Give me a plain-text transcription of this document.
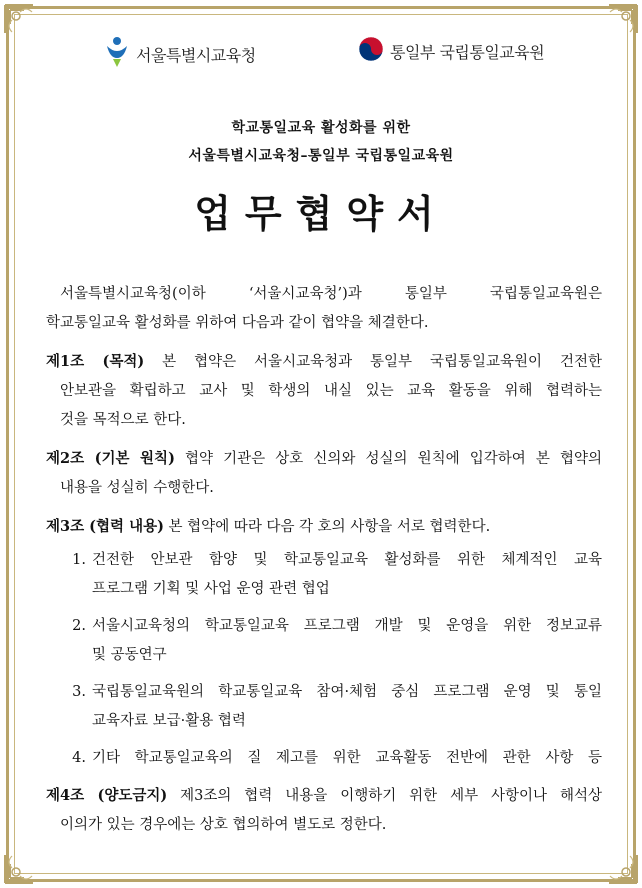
서울특별시교육청	통일부 국립통일교육원
학교통일교육 활성화를 위한
서울특별시교육청–통일부 국립통일교육원
업무협약서

서울특별시교육청(이하 ‘서울시교육청’)과 통일부 국립통일교육원은

학교통일교육 활성화를 위하여 다음과 같이 협약을 체결한다.

제1조 (목적) 본 협약은 서울시교육청과 통일부 국립통일교육원이 건전한

안보관을 확립하고 교사 및 학생의 내실 있는 교육 활동을 위해 협력하는

것을 목적으로 한다.

제2조 (기본 원칙) 협약 기관은 상호 신의와 성실의 원칙에 입각하여 본 협약의

내용을 성실히 수행한다.

제3조 (협력 내용) 본 협약에 따라 다음 각 호의 사항을 서로 협력한다.

1. 건전한 안보관 함양 및 학교통일교육 활성화를 위한 체계적인 교육
프로그램 기획 및 사업 운영 관련 협업
2. 서울시교육청의 학교통일교육 프로그램 개발 및 운영을 위한 정보교류
및 공동연구
3. 국립통일교육원의 학교통일교육 참여·체험 중심 프로그램 운영 및 통일
교육자료 보급·활용 협력
4. 기타 학교통일교육의 질 제고를 위한 교육활동 전반에 관한 사항 등

제4조 (양도금지) 제3조의 협력 내용을 이행하기 위한 세부 사항이나 해석상

이의가 있는 경우에는 상호 협의하여 별도로 정한다.
